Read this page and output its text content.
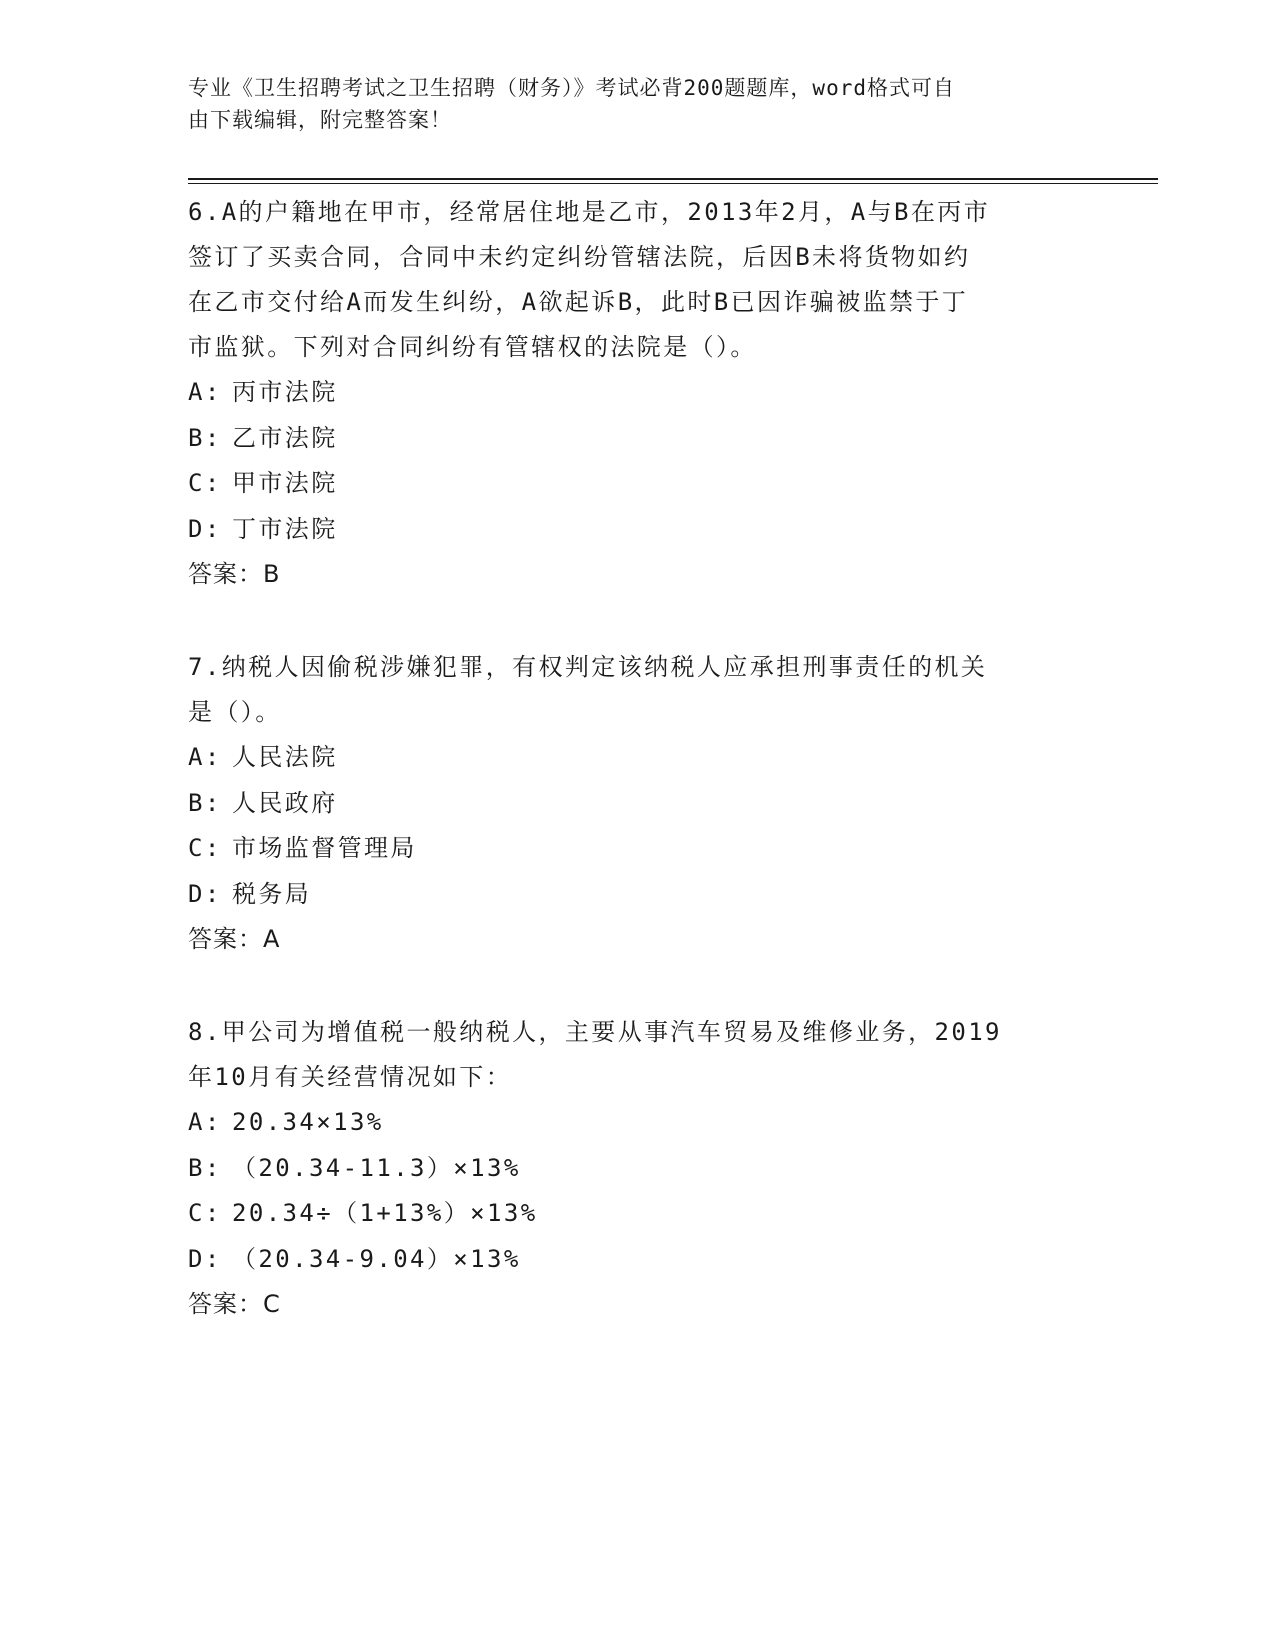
专业《卫生招聘考试之卫生招聘（财务）》考试必背200题题库，word格式可自
由下载编辑，附完整答案！

6.A的户籍地在甲市，经常居住地是乙市，2013年2月，A与B在丙市

签订了买卖合同，合同中未约定纠纷管辖法院，后因B未将货物如约

在乙市交付给A而发生纠纷，A欲起诉B，此时B已因诈骗被监禁于丁

市监狱。下列对合同纠纷有管辖权的法院是（）。

A: 丙市法院

B: 乙市法院

C: 甲市法院

D: 丁市法院

答案：B

7.纳税人因偷税涉嫌犯罪，有权判定该纳税人应承担刑事责任的机关

是（）。

A: 人民法院

B: 人民政府

C: 市场监督管理局

D: 税务局

答案：A

8.甲公司为增值税一般纳税人，主要从事汽车贸易及维修业务，2019

年10月有关经营情况如下：

A: 20.34×13%

B: （20.34-11.3）×13%

C: 20.34÷（1+13%）×13%

D: （20.34-9.04）×13%

答案：C
